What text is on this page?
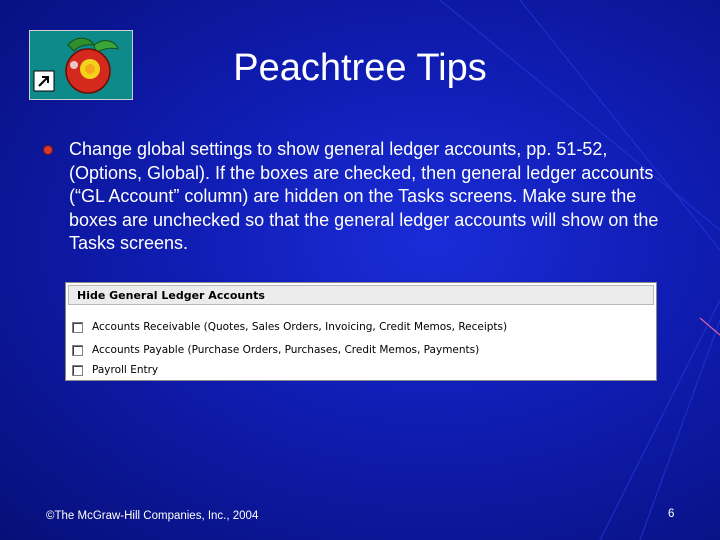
Peachtree Tips
Change global settings to show general ledger accounts, pp. 51-52, (Options, Global). If the boxes are checked, then general ledger accounts (“GL Account” column) are hidden on the Tasks screens. Make sure the boxes are unchecked so that the general ledger accounts will show on the Tasks screens.
Hide General Ledger Accounts
Accounts Receivable (Quotes, Sales Orders, Invoicing, Credit Memos, Receipts)
Accounts Payable (Purchase Orders, Purchases, Credit Memos, Payments)
Payroll Entry
©The McGraw-Hill Companies, Inc., 2004	6
